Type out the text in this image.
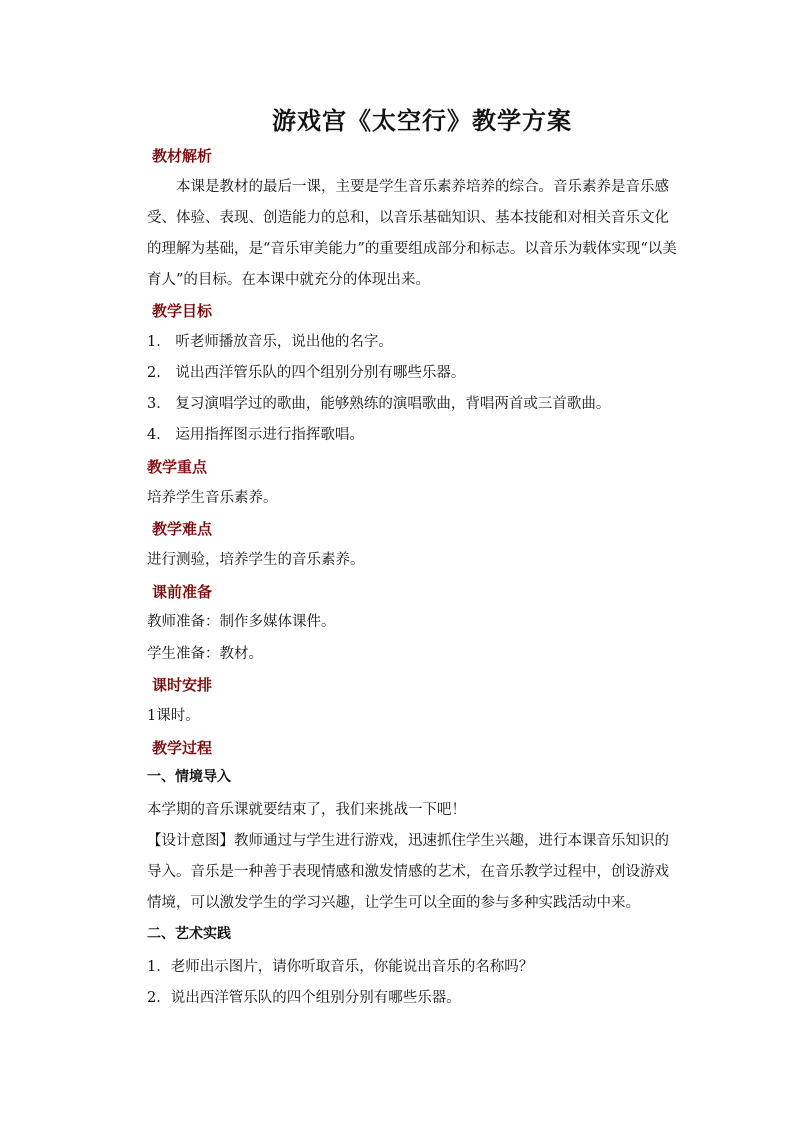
游戏宫《太空行》教学方案
教材解析
本课是教材的最后一课，主要是学生音乐素养培养的综合。音乐素养是音乐感受、体验、表现、创造能力的总和，以音乐基础知识、基本技能和对相关音乐文化的理解为基础，是“音乐审美能力”的重要组成部分和标志。以音乐为载体实现“以美育人”的目标。在本课中就充分的体现出来。
教学目标
1． 听老师播放音乐，说出他的名字。
2． 说出西洋管乐队的四个组别分别有哪些乐器。
3． 复习演唱学过的歌曲，能够熟练的演唱歌曲，背唱两首或三首歌曲。
4． 运用指挥图示进行指挥歌唱。
教学重点
培养学生音乐素养。
教学难点
进行测验，培养学生的音乐素养。
课前准备
教师准备：制作多媒体课件。
学生准备：教材。
课时安排
1课时。
教学过程
一、情境导入
本学期的音乐课就要结束了，我们来挑战一下吧！
【设计意图】教师通过与学生进行游戏，迅速抓住学生兴趣，进行本课音乐知识的导入。音乐是一种善于表现情感和激发情感的艺术，在音乐教学过程中，创设游戏情境，可以激发学生的学习兴趣，让学生可以全面的参与多种实践活动中来。
二、艺术实践
1．老师出示图片，请你听取音乐，你能说出音乐的名称吗？
2．说出西洋管乐队的四个组别分别有哪些乐器。
